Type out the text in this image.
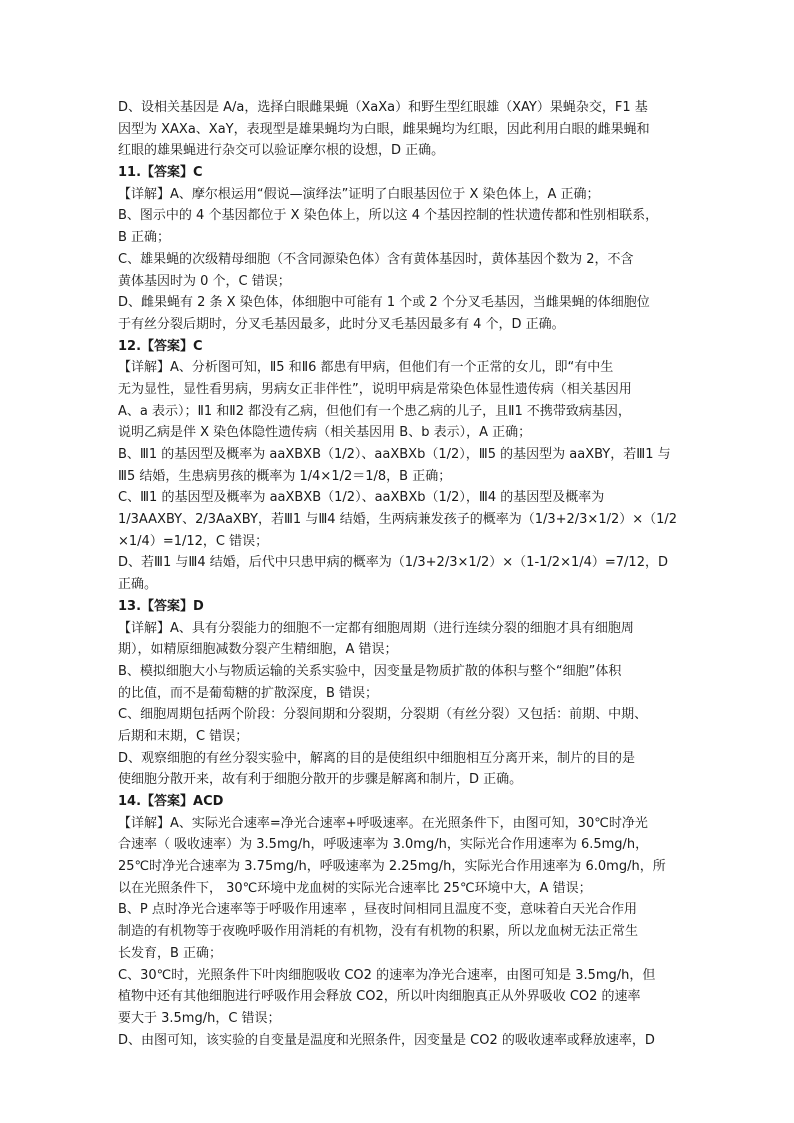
D、设相关基因是 A/a，选择白眼雌果蝇（XaXa）和野生型红眼雄（XAY）果蝇杂交，F1 基
因型为 XAXa、XaY，表现型是雄果蝇均为白眼，雌果蝇均为红眼，因此利用白眼的雌果蝇和
红眼的雄果蝇进行杂交可以验证摩尔根的设想，D 正确。
11.【答案】C
【详解】A、摩尔根运用“假说—演绎法”证明了白眼基因位于 X 染色体上，A 正确；
B、图示中的 4 个基因都位于 X 染色体上，所以这 4 个基因控制的性状遗传都和性别相联系，
B 正确；
C、雄果蝇的次级精母细胞（不含同源染色体）含有黄体基因时，黄体基因个数为 2，不含
黄体基因时为 0 个，C 错误；
D、雌果蝇有 2 条 X 染色体，体细胞中可能有 1 个或 2 个分叉毛基因，当雌果蝇的体细胞位
于有丝分裂后期时，分叉毛基因最多，此时分叉毛基因最多有 4 个，D 正确。
12.【答案】C
【详解】A、分析图可知，Ⅱ5 和Ⅱ6 都患有甲病，但他们有一个正常的女儿，即“有中生
无为显性，显性看男病，男病女正非伴性”，说明甲病是常染色体显性遗传病（相关基因用
A、a 表示）；Ⅱ1 和Ⅱ2 都没有乙病，但他们有一个患乙病的儿子，且Ⅱ1 不携带致病基因，
说明乙病是伴 X 染色体隐性遗传病（相关基因用 B、b 表示），A 正确；
B、Ⅲ1 的基因型及概率为 aaXBXB（1/2）、aaXBXb（1/2），Ⅲ5 的基因型为 aaXBY，若Ⅲ1 与
Ⅲ5 结婚，生患病男孩的概率为 1/4×1/2＝1/8，B 正确；
C、Ⅲ1 的基因型及概率为 aaXBXB（1/2）、aaXBXb（1/2），Ⅲ4 的基因型及概率为
1/3AAXBY、2/3AaXBY，若Ⅲ1 与Ⅲ4 结婚，生两病兼发孩子的概率为（1/3+2/3×1/2）×（1/2
×1/4）=1/12，C 错误；
D、若Ⅲ1 与Ⅲ4 结婚，后代中只患甲病的概率为（1/3+2/3×1/2）×（1-1/2×1/4）=7/12，D
正确。
13.【答案】D
【详解】A、具有分裂能力的细胞不一定都有细胞周期（进行连续分裂的细胞才具有细胞周
期），如精原细胞减数分裂产生精细胞，A 错误；
B、模拟细胞大小与物质运输的关系实验中，因变量是物质扩散的体积与整个“细胞”体积
的比值，而不是葡萄糖的扩散深度，B 错误；
C、细胞周期包括两个阶段：分裂间期和分裂期，分裂期（有丝分裂）又包括：前期、中期、
后期和末期，C 错误；
D、观察细胞的有丝分裂实验中，解离的目的是使组织中细胞相互分离开来，制片的目的是
使细胞分散开来，故有利于细胞分散开的步骤是解离和制片，D 正确。
14.【答案】ACD
【详解】A、实际光合速率=净光合速率+呼吸速率。在光照条件下，由图可知，30℃时净光
合速率（ 吸收速率）为 3.5mg/h，呼吸速率为 3.0mg/h，实际光合作用速率为 6.5mg/h，
25℃时净光合速率为 3.75mg/h，呼吸速率为 2.25mg/h，实际光合作用速率为 6.0mg/h，所
以在光照条件下， 30℃环境中龙血树的实际光合速率比 25℃环境中大，A 错误；
B、P 点时净光合速率等于呼吸作用速率 ，昼夜时间相同且温度不变，意味着白天光合作用
制造的有机物等于夜晚呼吸作用消耗的有机物，没有有机物的积累，所以龙血树无法正常生
长发育，B 正确；
C、30℃时，光照条件下叶肉细胞吸收 CO2 的速率为净光合速率，由图可知是 3.5mg/h，但
植物中还有其他细胞进行呼吸作用会释放 CO2，所以叶肉细胞真正从外界吸收 CO2 的速率
要大于 3.5mg/h，C 错误；
D、由图可知，该实验的自变量是温度和光照条件，因变量是 CO2 的吸收速率或释放速率，D
